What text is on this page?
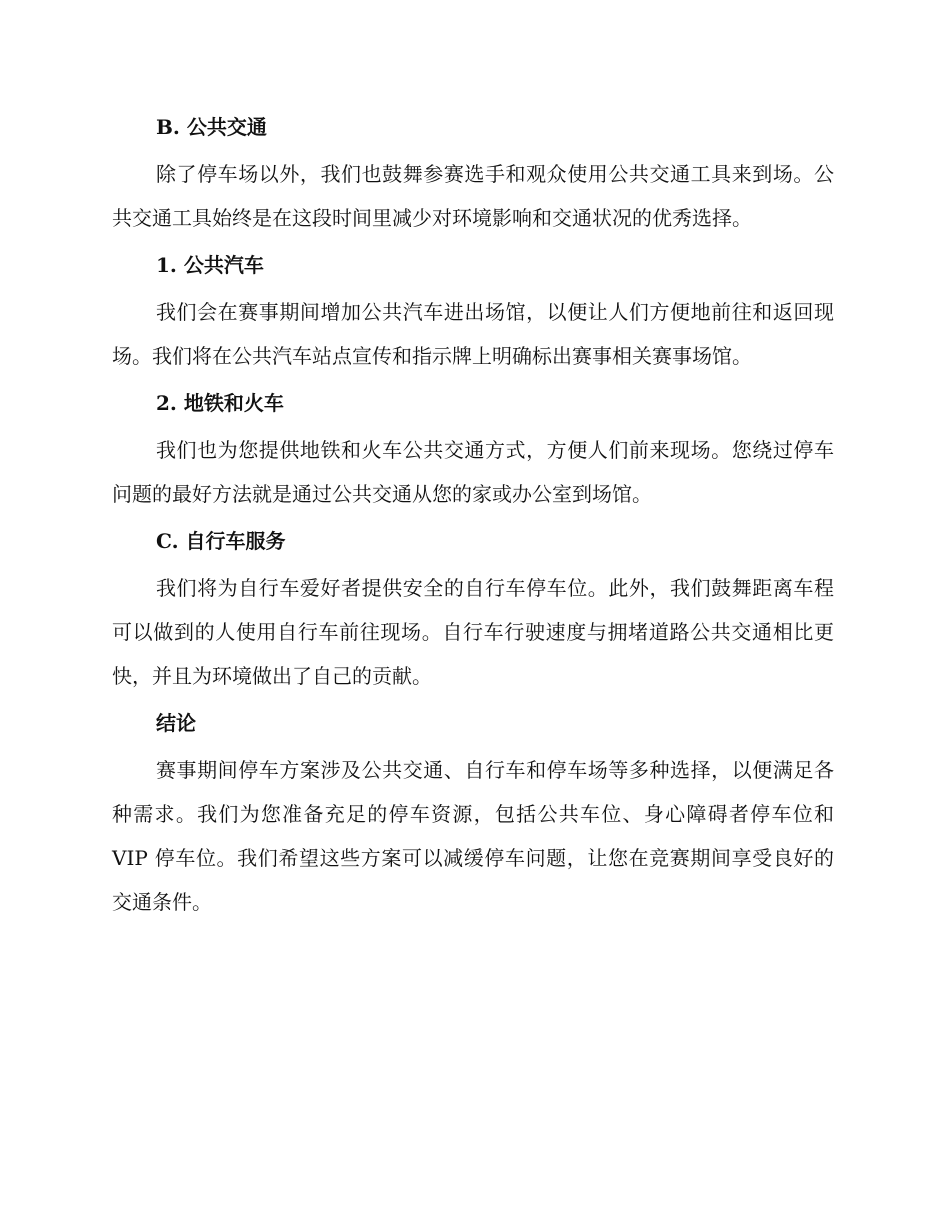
B. 公共交通

除了停车场以外，我们也鼓舞参赛选手和观众使用公共交通工具来到场。公共交通工具始终是在这段时间里减少对环境影响和交通状况的优秀选择。

1. 公共汽车

我们会在赛事期间增加公共汽车进出场馆，以便让人们方便地前往和返回现场。我们将在公共汽车站点宣传和指示牌上明确标出赛事相关赛事场馆。

2. 地铁和火车

我们也为您提供地铁和火车公共交通方式，方便人们前来现场。您绕过停车问题的最好方法就是通过公共交通从您的家或办公室到场馆。

C. 自行车服务

我们将为自行车爱好者提供安全的自行车停车位。此外，我们鼓舞距离车程可以做到的人使用自行车前往现场。自行车行驶速度与拥堵道路公共交通相比更快，并且为环境做出了自己的贡献。

结论

赛事期间停车方案涉及公共交通、自行车和停车场等多种选择，以便满足各种需求。我们为您准备充足的停车资源，包括公共车位、身心障碍者停车位和 VIP 停车位。我们希望这些方案可以减缓停车问题，让您在竞赛期间享受良好的交通条件。
